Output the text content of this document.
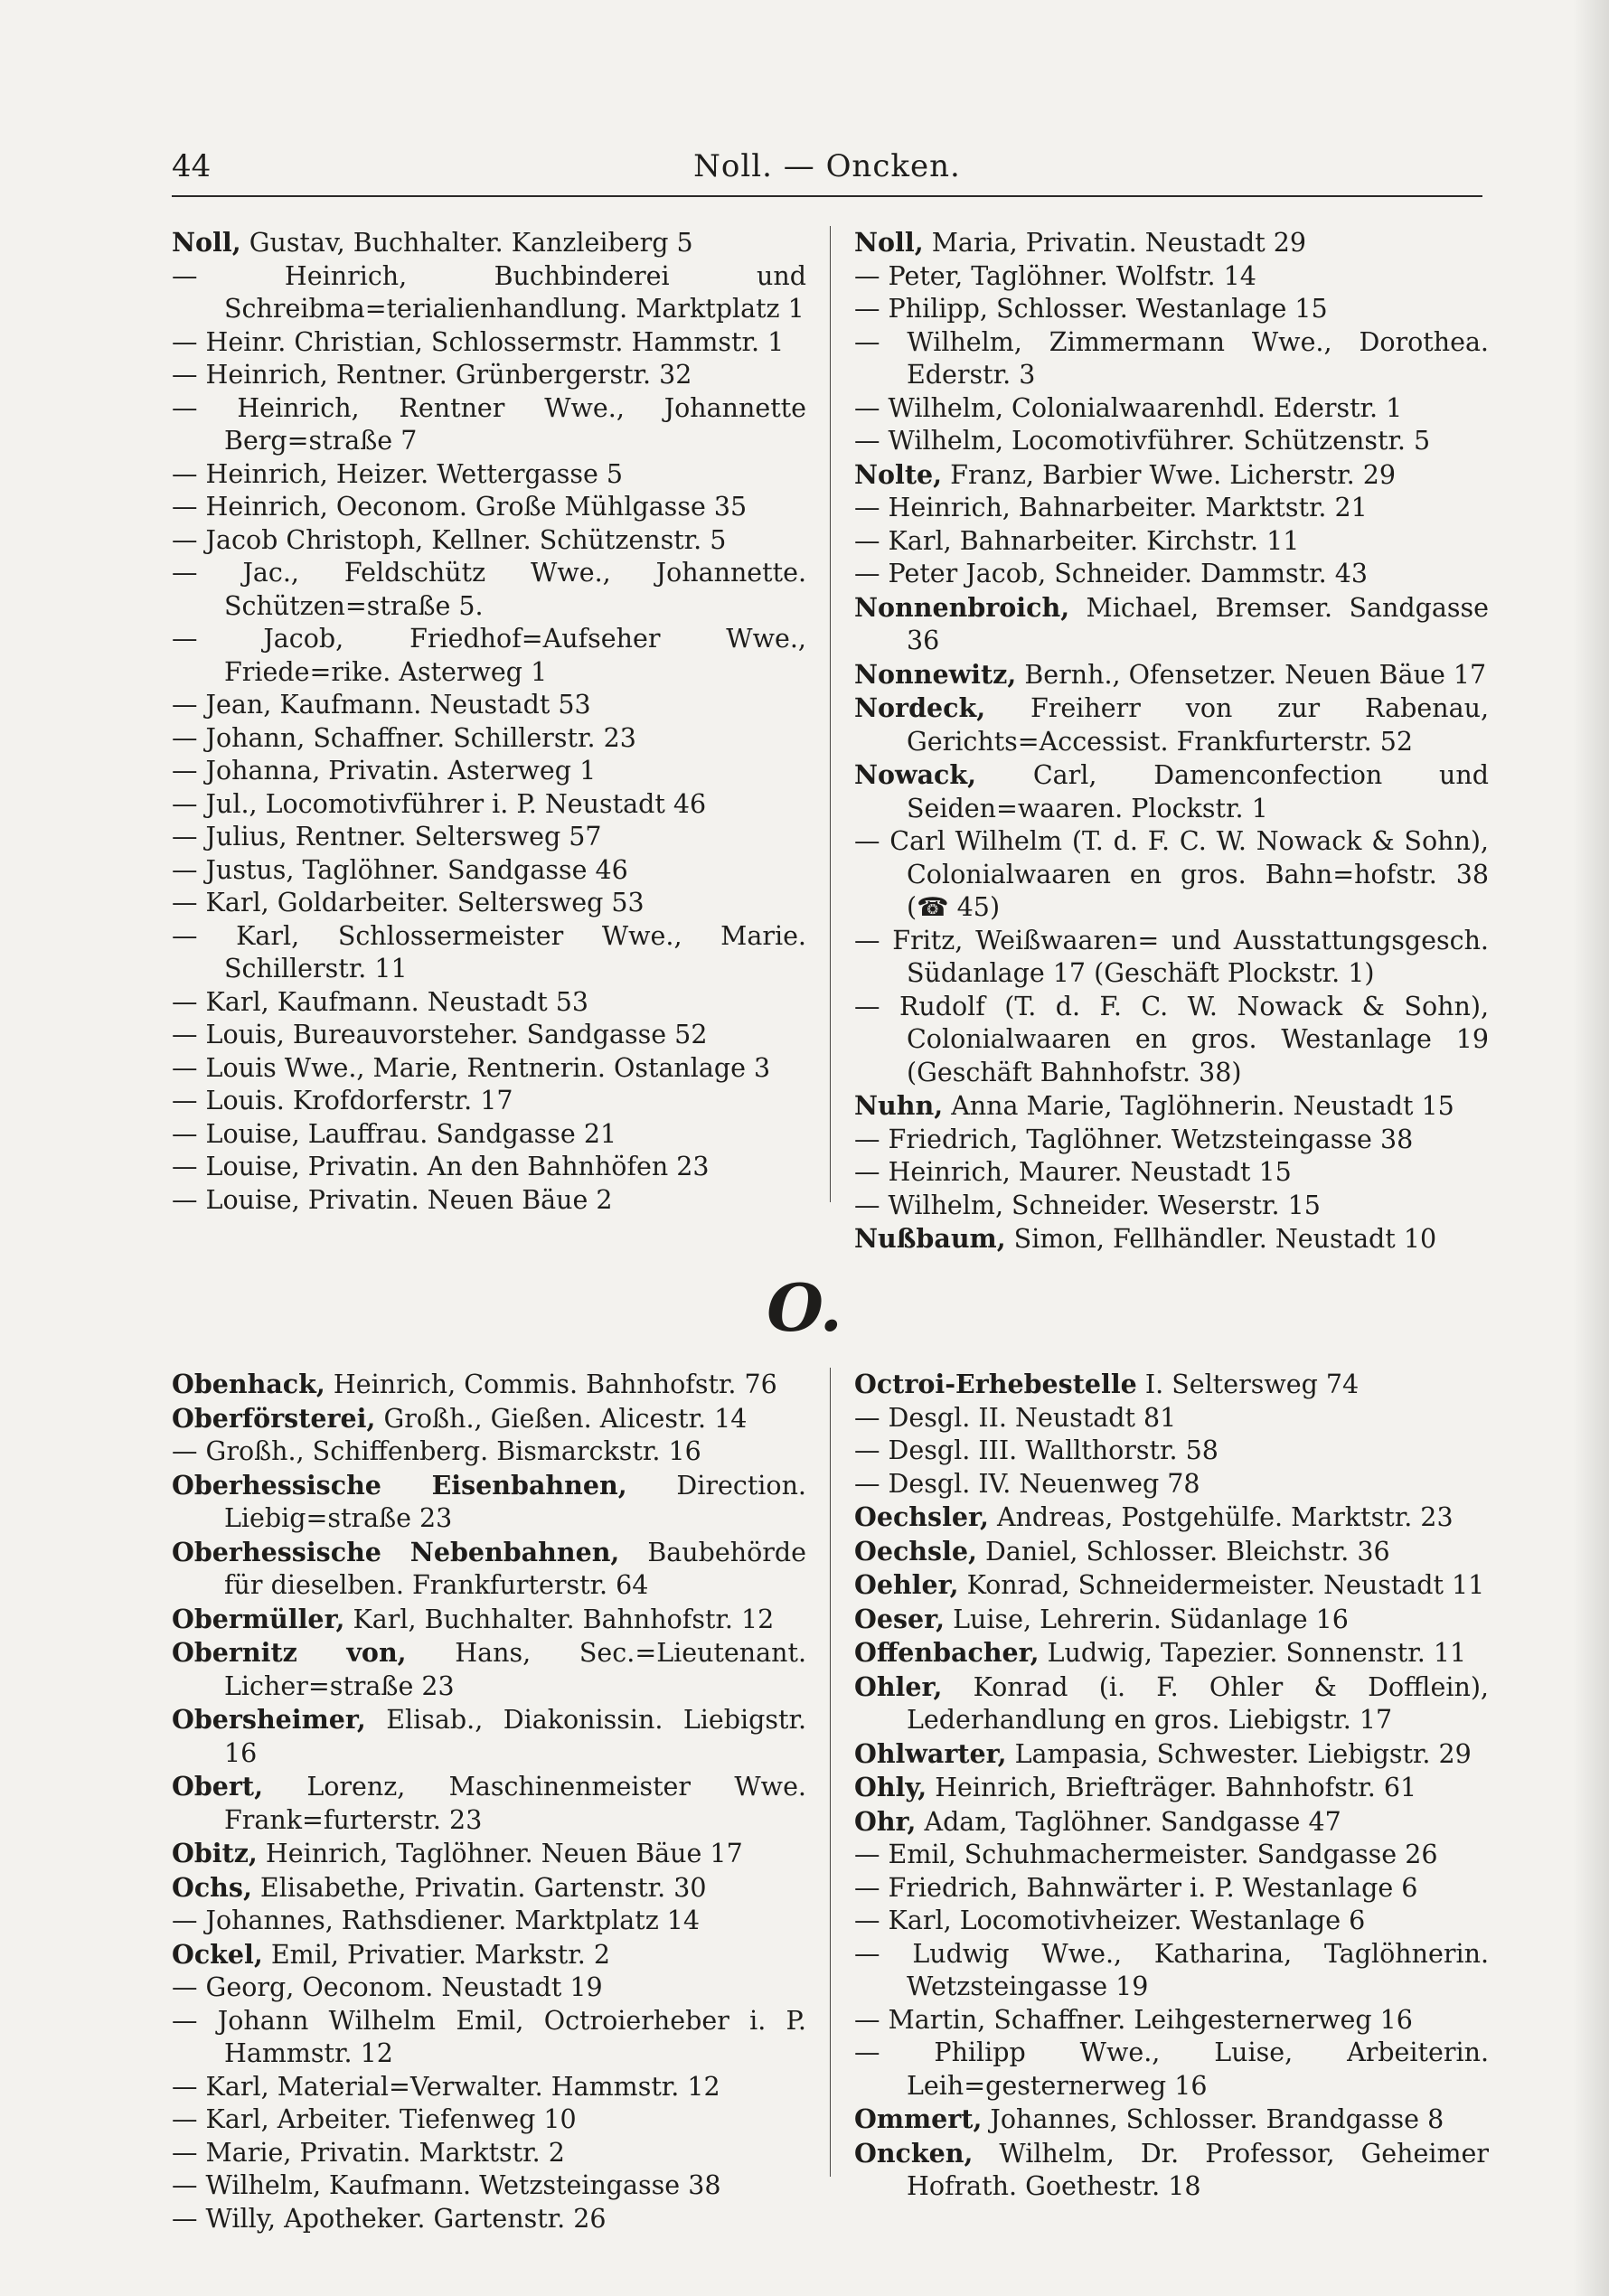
44	Noll. — Oncken.

Noll, Gustav, Buchhalter. Kanzleiberg 5

— Heinrich, Buchbinderei und Schreibma=terialienhandlung. Marktplatz 1

— Heinr. Christian, Schlossermstr. Hammstr. 1

— Heinrich, Rentner. Grünbergerstr. 32

— Heinrich, Rentner Wwe., Johannette Berg=straße 7

— Heinrich, Heizer. Wettergasse 5

— Heinrich, Oeconom. Große Mühlgasse 35

— Jacob Christoph, Kellner. Schützenstr. 5

— Jac., Feldschütz Wwe., Johannette. Schützen=straße 5.

— Jacob, Friedhof=Aufseher Wwe., Friede=rike. Asterweg 1

— Jean, Kaufmann. Neustadt 53

— Johann, Schaffner. Schillerstr. 23

— Johanna, Privatin. Asterweg 1

— Jul., Locomotivführer i. P. Neustadt 46

— Julius, Rentner. Seltersweg 57

— Justus, Taglöhner. Sandgasse 46

— Karl, Goldarbeiter. Seltersweg 53

— Karl, Schlossermeister Wwe., Marie. Schillerstr. 11

— Karl, Kaufmann. Neustadt 53

— Louis, Bureauvorsteher. Sandgasse 52

— Louis Wwe., Marie, Rentnerin. Ostanlage 3

— Louis. Krofdorferstr. 17

— Louise, Lauffrau. Sandgasse 21

— Louise, Privatin. An den Bahnhöfen 23

— Louise, Privatin. Neuen Bäue 2

Noll, Maria, Privatin. Neustadt 29

— Peter, Taglöhner. Wolfstr. 14

— Philipp, Schlosser. Westanlage 15

— Wilhelm, Zimmermann Wwe., Dorothea. Ederstr. 3

— Wilhelm, Colonialwaarenhdl. Ederstr. 1

— Wilhelm, Locomotivführer. Schützenstr. 5

Nolte, Franz, Barbier Wwe. Licherstr. 29

— Heinrich, Bahnarbeiter. Marktstr. 21

— Karl, Bahnarbeiter. Kirchstr. 11

— Peter Jacob, Schneider. Dammstr. 43

Nonnenbroich, Michael, Bremser. Sandgasse 36

Nonnewitz, Bernh., Ofensetzer. Neuen Bäue 17

Nordeck, Freiherr von zur Rabenau, Gerichts=Accessist. Frankfurterstr. 52

Nowack, Carl, Damenconfection und Seiden=waaren. Plockstr. 1

— Carl Wilhelm (T. d. F. C. W. Nowack & Sohn), Colonialwaaren en gros. Bahn=hofstr. 38 (☎ 45)

— Fritz, Weißwaaren= und Ausstattungsgesch. Südanlage 17 (Geschäft Plockstr. 1)

— Rudolf (T. d. F. C. W. Nowack & Sohn), Colonialwaaren en gros. Westanlage 19 (Geschäft Bahnhofstr. 38)

Nuhn, Anna Marie, Taglöhnerin. Neustadt 15

— Friedrich, Taglöhner. Wetzsteingasse 38

— Heinrich, Maurer. Neustadt 15

— Wilhelm, Schneider. Weserstr. 15

Nußbaum, Simon, Fellhändler. Neustadt 10

O.

Obenhack, Heinrich, Commis. Bahnhofstr. 76

Oberförsterei, Großh., Gießen. Alicestr. 14

— Großh., Schiffenberg. Bismarckstr. 16

Oberhessische Eisenbahnen, Direction. Liebig=straße 23

Oberhessische Nebenbahnen, Baubehörde für dieselben. Frankfurterstr. 64

Obermüller, Karl, Buchhalter. Bahnhofstr. 12

Obernitz von, Hans, Sec.=Lieutenant. Licher=straße 23

Obersheimer, Elisab., Diakonissin. Liebigstr. 16

Obert, Lorenz, Maschinenmeister Wwe. Frank=furterstr. 23

Obitz, Heinrich, Taglöhner. Neuen Bäue 17

Ochs, Elisabethe, Privatin. Gartenstr. 30

— Johannes, Rathsdiener. Marktplatz 14

Ockel, Emil, Privatier. Markstr. 2

— Georg, Oeconom. Neustadt 19

— Johann Wilhelm Emil, Octroierheber i. P. Hammstr. 12

— Karl, Material=Verwalter. Hammstr. 12

— Karl, Arbeiter. Tiefenweg 10

— Marie, Privatin. Marktstr. 2

— Wilhelm, Kaufmann. Wetzsteingasse 38

— Willy, Apotheker. Gartenstr. 26

Octroi-Erhebestelle I. Seltersweg 74

— Desgl. II. Neustadt 81

— Desgl. III. Wallthorstr. 58

— Desgl. IV. Neuenweg 78

Oechsler, Andreas, Postgehülfe. Marktstr. 23

Oechsle, Daniel, Schlosser. Bleichstr. 36

Oehler, Konrad, Schneidermeister. Neustadt 11

Oeser, Luise, Lehrerin. Südanlage 16

Offenbacher, Ludwig, Tapezier. Sonnenstr. 11

Ohler, Konrad (i. F. Ohler & Dofflein), Lederhandlung en gros. Liebigstr. 17

Ohlwarter, Lampasia, Schwester. Liebigstr. 29

Ohly, Heinrich, Briefträger. Bahnhofstr. 61

Ohr, Adam, Taglöhner. Sandgasse 47

— Emil, Schuhmachermeister. Sandgasse 26

— Friedrich, Bahnwärter i. P. Westanlage 6

— Karl, Locomotivheizer. Westanlage 6

— Ludwig Wwe., Katharina, Taglöhnerin. Wetzsteingasse 19

— Martin, Schaffner. Leihgesternerweg 16

— Philipp Wwe., Luise, Arbeiterin. Leih=gesternerweg 16

Ommert, Johannes, Schlosser. Brandgasse 8

Oncken, Wilhelm, Dr. Professor, Geheimer Hofrath. Goethestr. 18
